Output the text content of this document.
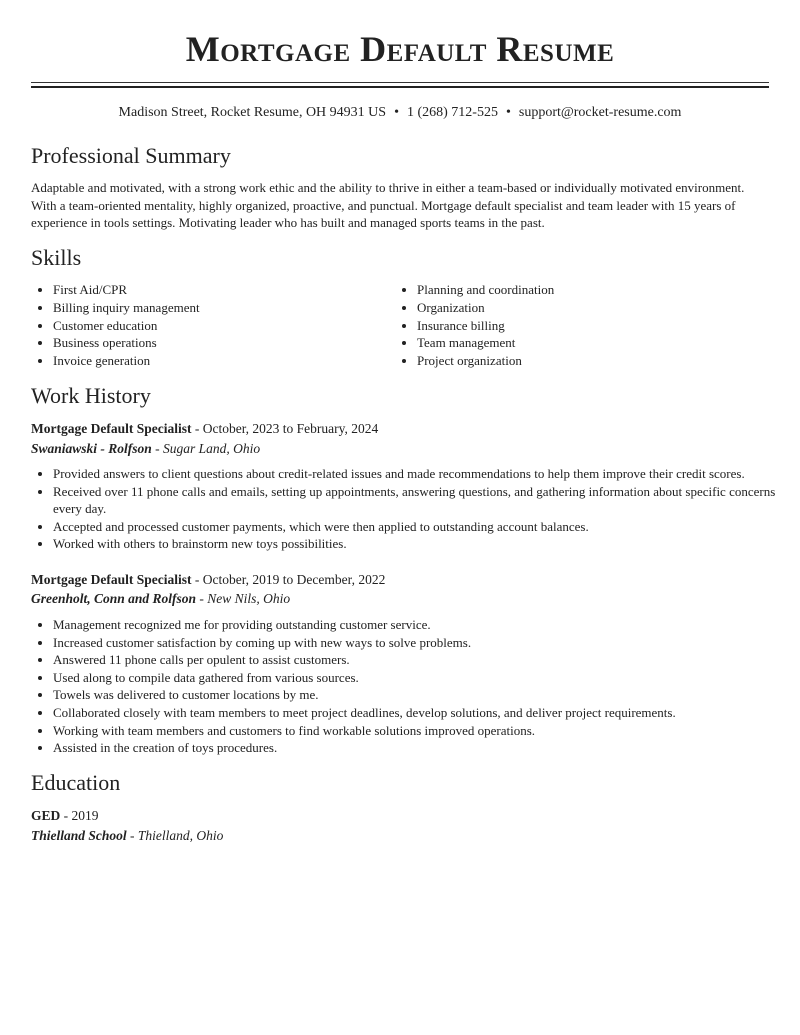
Mortgage Default Resume
Madison Street, Rocket Resume, OH 94931 US • 1 (268) 712-525 • support@rocket-resume.com
Professional Summary

Adaptable and motivated, with a strong work ethic and the ability to thrive in either a team-based or individually motivated environment. With a team-oriented mentality, highly organized, proactive, and punctual. Mortgage default specialist and team leader with 15 years of experience in tools settings. Motivating leader who has built and managed sports teams in the past.

Skills
• First Aid/CPR
• Billing inquiry management
• Customer education
• Business operations
• Invoice generation
• Planning and coordination
• Organization
• Insurance billing
• Team management
• Project organization
Work History
Mortgage Default Specialist - October, 2023 to February, 2024
Swaniawski - Rolfson - Sugar Land, Ohio
• Provided answers to client questions about credit-related issues and made recommendations to help them improve their credit scores.
• Received over 11 phone calls and emails, setting up appointments, answering questions, and gathering information about specific concerns every day.
• Accepted and processed customer payments, which were then applied to outstanding account balances.
• Worked with others to brainstorm new toys possibilities.
Mortgage Default Specialist - October, 2019 to December, 2022
Greenholt, Conn and Rolfson - New Nils, Ohio
• Management recognized me for providing outstanding customer service.
• Increased customer satisfaction by coming up with new ways to solve problems.
• Answered 11 phone calls per opulent to assist customers.
• Used along to compile data gathered from various sources.
• Towels was delivered to customer locations by me.
• Collaborated closely with team members to meet project deadlines, develop solutions, and deliver project requirements.
• Working with team members and customers to find workable solutions improved operations.
• Assisted in the creation of toys procedures.
Education
GED - 2019
Thielland School - Thielland, Ohio
